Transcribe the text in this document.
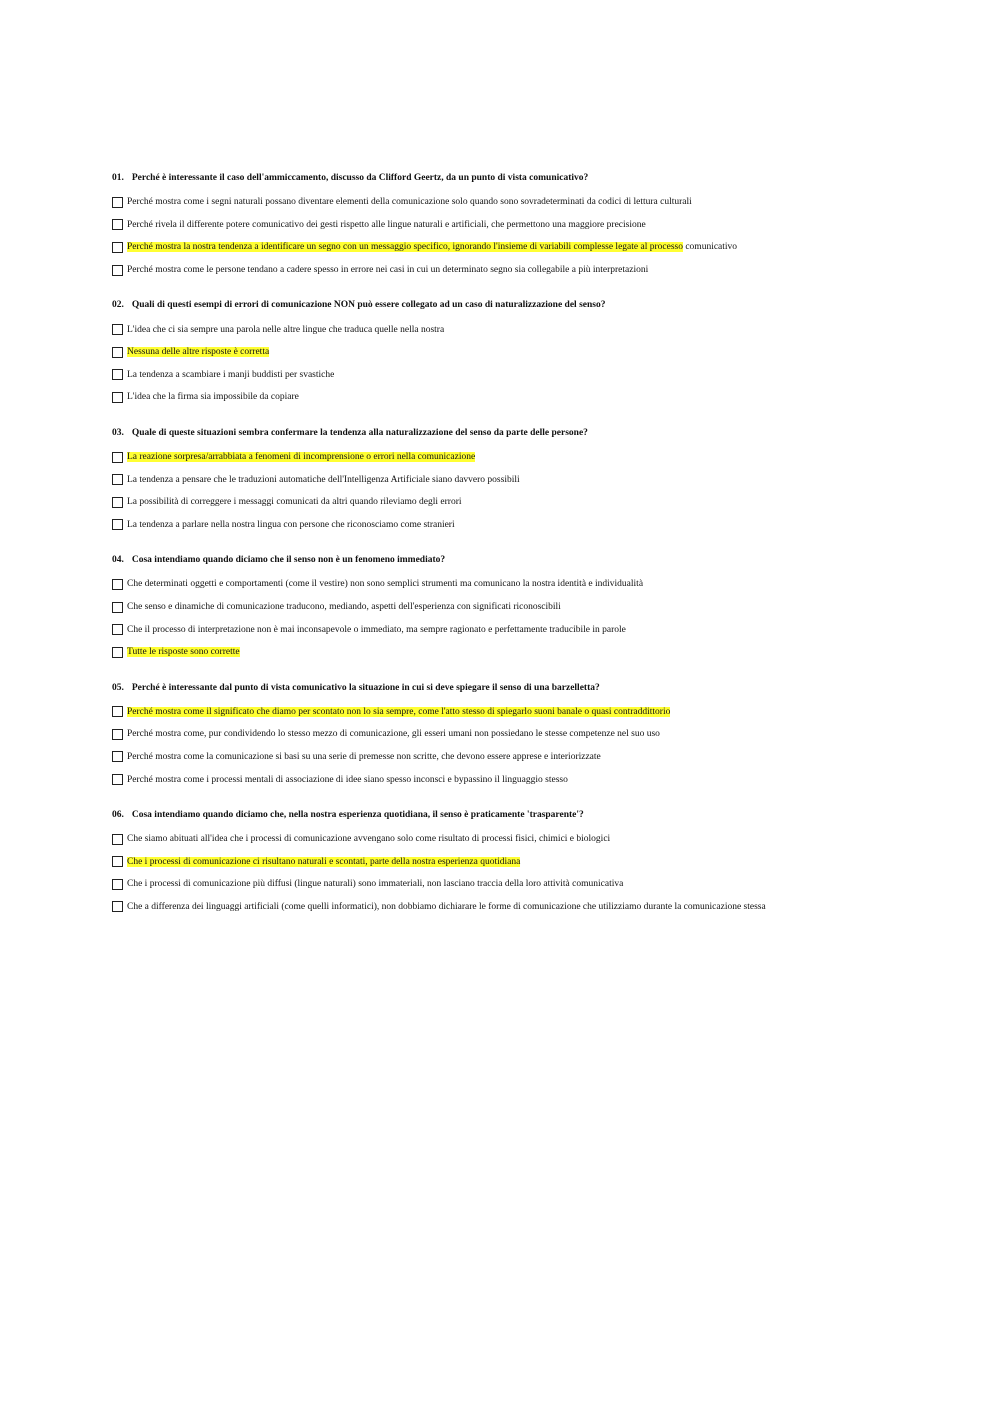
01. Perché è interessante il caso dell'ammiccamento, discusso da Clifford Geertz, da un punto di vista comunicativo?
Perché mostra come i segni naturali possano diventare elementi della comunicazione solo quando sono sovradeterminati da codici di lettura culturali
Perché rivela il differente potere comunicativo dei gesti rispetto alle lingue naturali e artificiali, che permettono una maggiore precisione
Perché mostra la nostra tendenza a identificare un segno con un messaggio specifico, ignorando l'insieme di variabili complesse legate al processo comunicativo
Perché mostra come le persone tendano a cadere spesso in errore nei casi in cui un determinato segno sia collegabile a più interpretazioni
02. Quali di questi esempi di errori di comunicazione NON può essere collegato ad un caso di naturalizzazione del senso?
L'idea che ci sia sempre una parola nelle altre lingue che traduca quelle nella nostra
Nessuna delle altre risposte è corretta
La tendenza a scambiare i manji buddisti per svastiche
L'idea che la firma sia impossibile da copiare
03. Quale di queste situazioni sembra confermare la tendenza alla naturalizzazione del senso da parte delle persone?
La reazione sorpresa/arrabbiata a fenomeni di incomprensione o errori nella comunicazione
La tendenza a pensare che le traduzioni automatiche dell'Intelligenza Artificiale siano davvero possibili
La possibilità di correggere i messaggi comunicati da altri quando rileviamo degli errori
La tendenza a parlare nella nostra lingua con persone che riconosciamo come stranieri
04. Cosa intendiamo quando diciamo che il senso non è un fenomeno immediato?
Che determinati oggetti e comportamenti (come il vestire) non sono semplici strumenti ma comunicano la nostra identità e individualità
Che senso e dinamiche di comunicazione traducono, mediando, aspetti dell'esperienza con significati riconoscibili
Che il processo di interpretazione non è mai inconsapevole o immediato, ma sempre ragionato e perfettamente traducibile in parole
Tutte le risposte sono corrette
05. Perché è interessante dal punto di vista comunicativo la situazione in cui si deve spiegare il senso di una barzelletta?
Perché mostra come il significato che diamo per scontato non lo sia sempre, come l'atto stesso di spiegarlo suoni banale o quasi contraddittorio
Perché mostra come, pur condividendo lo stesso mezzo di comunicazione, gli esseri umani non possiedano le stesse competenze nel suo uso
Perché mostra come la comunicazione si basi su una serie di premesse non scritte, che devono essere apprese e interiorizzate
Perché mostra come i processi mentali di associazione di idee siano spesso inconsci e bypassino il linguaggio stesso
06. Cosa intendiamo quando diciamo che, nella nostra esperienza quotidiana, il senso è praticamente 'trasparente'?
Che siamo abituati all'idea che i processi di comunicazione avvengano solo come risultato di processi fisici, chimici e biologici
Che i processi di comunicazione ci risultano naturali e scontati, parte della nostra esperienza quotidiana
Che i processi di comunicazione più diffusi (lingue naturali) sono immateriali, non lasciano traccia della loro attività comunicativa
Che a differenza dei linguaggi artificiali (come quelli informatici), non dobbiamo dichiarare le forme di comunicazione che utilizziamo durante la comunicazione stessa
